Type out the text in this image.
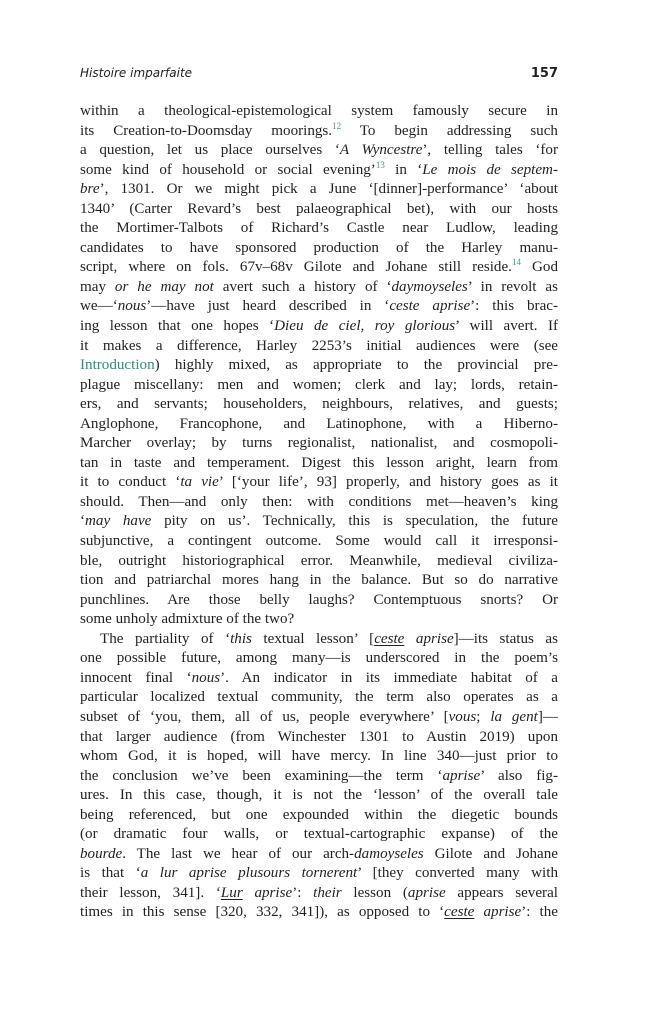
Histoire imparfaite	157
within a theological-epistemological system famously secure in
its Creation-to-Doomsday moorings.$^{12}$ To begin addressing such
a question, let us place ourselves ‘A Wyncestre’, telling tales ‘for
some kind of household or social evening’$^{13}$ in ‘Le mois de septem-
bre’, 1301. Or we might pick a June ‘[dinner]-performance’ ‘about
1340’ (Carter Revard’s best palaeographical bet), with our hosts
the Mortimer-Talbots of Richard’s Castle near Ludlow, leading
candidates to have sponsored production of the Harley manu-
script, where on fols. 67v–68v Gilote and Johane still reside.$^{14}$ God
may or he may not avert such a history of ‘daymoyseles’ in revolt as
we—‘nous’—have just heard described in ‘ceste aprise’: this brac-
ing lesson that one hopes ‘Dieu de ciel, roy glorious’ will avert. If
it makes a difference, Harley 2253’s initial audiences were (see
Introduction) highly mixed, as appropriate to the provincial pre-
plague miscellany: men and women; clerk and lay; lords, retain-
ers, and servants; householders, neighbours, relatives, and guests;
Anglophone, Francophone, and Latinophone, with a Hiberno-
Marcher overlay; by turns regionalist, nationalist, and cosmopoli-
tan in taste and temperament. Digest this lesson aright, learn from
it to conduct ‘ta vie’ [‘your life’, 93] properly, and history goes as it
should. Then—and only then: with conditions met—heaven’s king
‘may have pity on us’. Technically, this is speculation, the future
subjunctive, a contingent outcome. Some would call it irresponsi-
ble, outright historiographical error. Meanwhile, medieval civiliza-
tion and patriarchal mores hang in the balance. But so do narrative
punchlines. Are those belly laughs? Contemptuous snorts? Or
some unholy admixture of the two?
The partiality of ‘this textual lesson’ [ceste aprise]—its status as
one possible future, among many—is underscored in the poem’s
innocent final ‘nous’. An indicator in its immediate habitat of a
particular localized textual community, the term also operates as a
subset of ‘you, them, all of us, people everywhere’ [vous; la gent]—
that larger audience (from Winchester 1301 to Austin 2019) upon
whom God, it is hoped, will have mercy. In line 340—just prior to
the conclusion we’ve been examining—the term ‘aprise’ also fig-
ures. In this case, though, it is not the ‘lesson’ of the overall tale
being referenced, but one expounded within the diegetic bounds
(or dramatic four walls, or textual-cartographic expanse) of the
bourde. The last we hear of our arch-damoyseles Gilote and Johane
is that ‘a lur aprise plusours tornerent’ [they converted many with
their lesson, 341]. ‘Lur aprise’: their lesson (aprise appears several
times in this sense [320, 332, 341]), as opposed to ‘ceste aprise’: the
